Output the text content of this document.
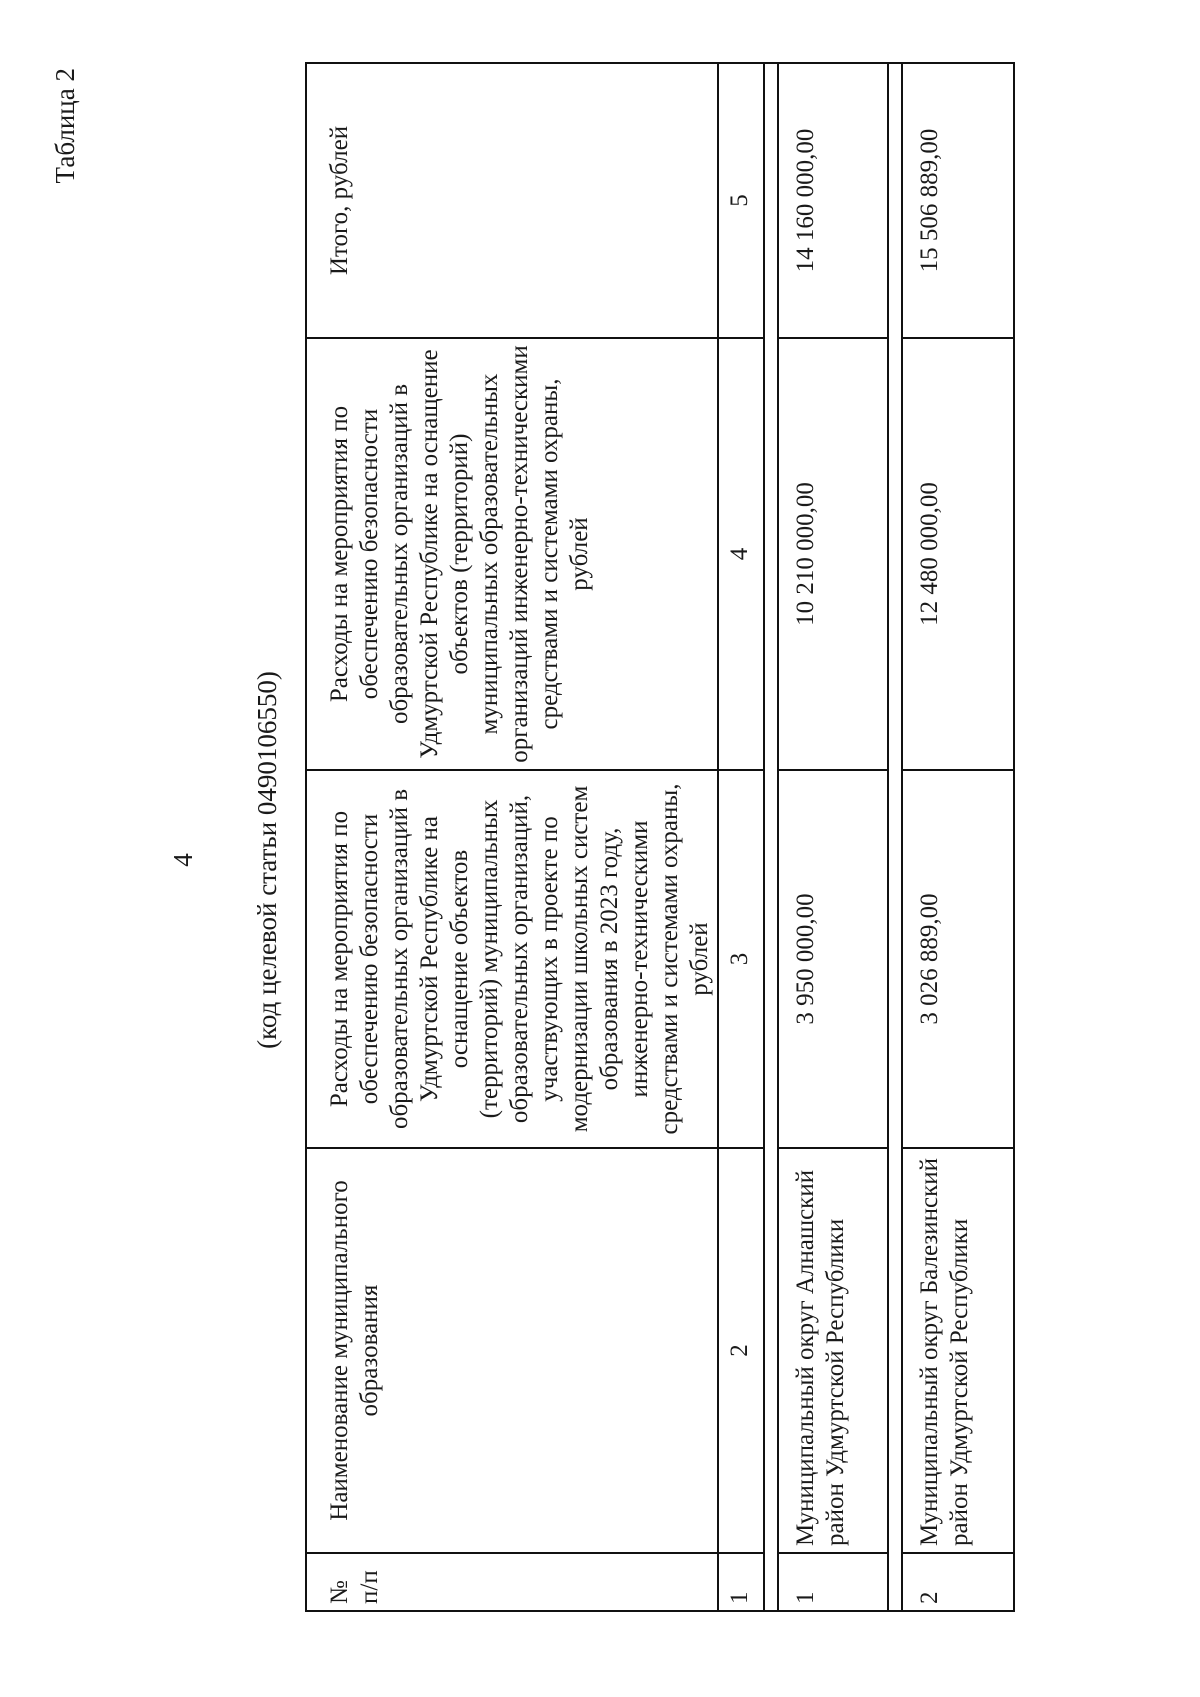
Таблица 2
4 (код целевой статьи 0490106550)
№ п/п
Наименование муниципального образования
Расходы на мероприятия по обеспечению безопасности образовательных организаций в Удмуртской Республике на оснащение объектов (территорий) муниципальных образовательных организаций, участвующих в проекте по модернизации школьных систем образования в 2023 году, инженерно-техническими средствами и системами охраны, рублей
Расходы на мероприятия по обеспечению безопасности образовательных организаций в Удмуртской Республике на оснащение объектов (территорий) муниципальных образовательных организаций инженерно-техническими средствами и системами охраны, рублей
Итого, рублей
1
2
3
4
5
1
Муниципальный округ Алнашский район Удмуртской Республики
3 950 000,00
10 210 000,00
14 160 000,00
2
Муниципальный округ Балезинский район Удмуртской Республики
3 026 889,00
12 480 000,00
15 506 889,00
